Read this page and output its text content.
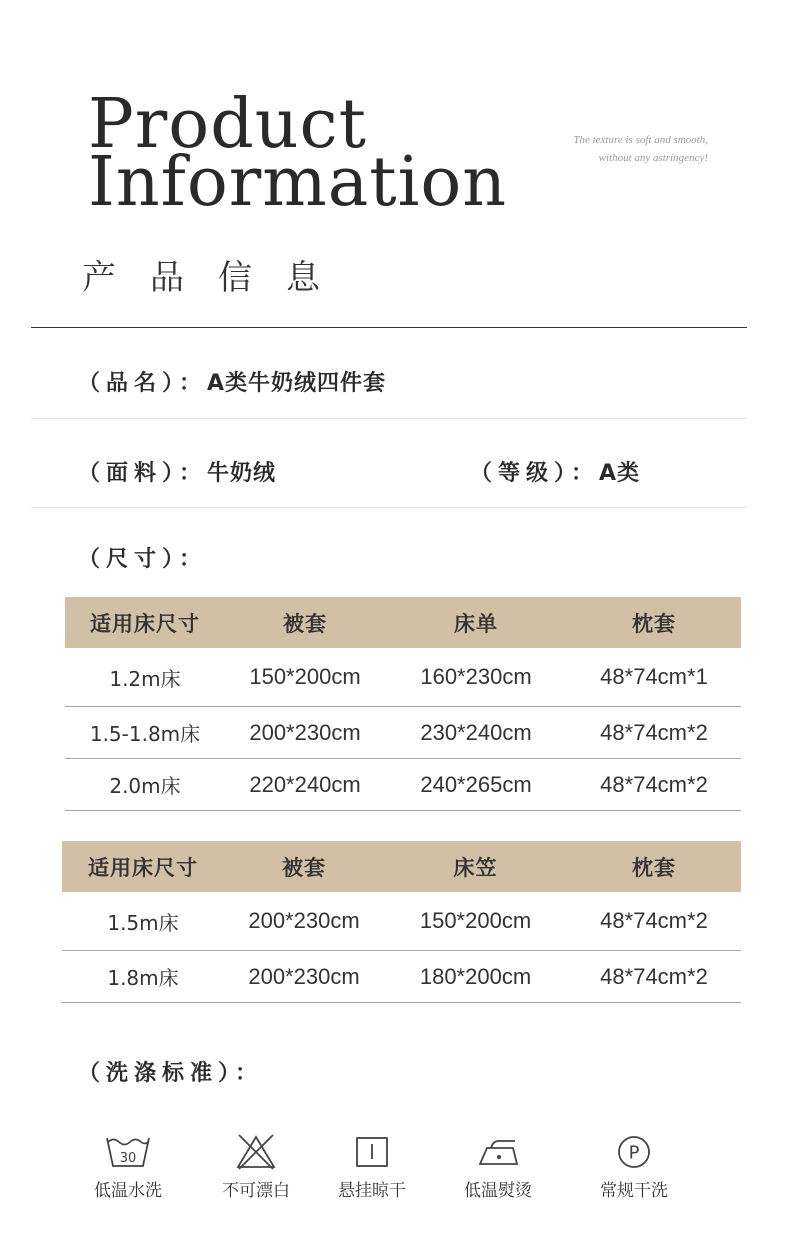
Product
Information
The texture is soft and smooth,
without any astringency!
产品信息
（品名）：A类牛奶绒四件套
（面料）：牛奶绒	（等级）：A类
（尺寸）：
适用床尺寸	被套	床单	枕套
1.2m床	150*200cm	160*230cm	48*74cm*1
1.5-1.8m床	200*230cm	230*240cm	48*74cm*2
2.0m床	220*240cm	240*265cm	48*74cm*2
适用床尺寸	被套	床笠	枕套
1.5m床	200*230cm	150*200cm	48*74cm*2
1.8m床	200*230cm	180*200cm	48*74cm*2
（洗涤标准）：
30
低温水洗	不可漂白	悬挂晾干	低温熨烫
P
常规干洗
